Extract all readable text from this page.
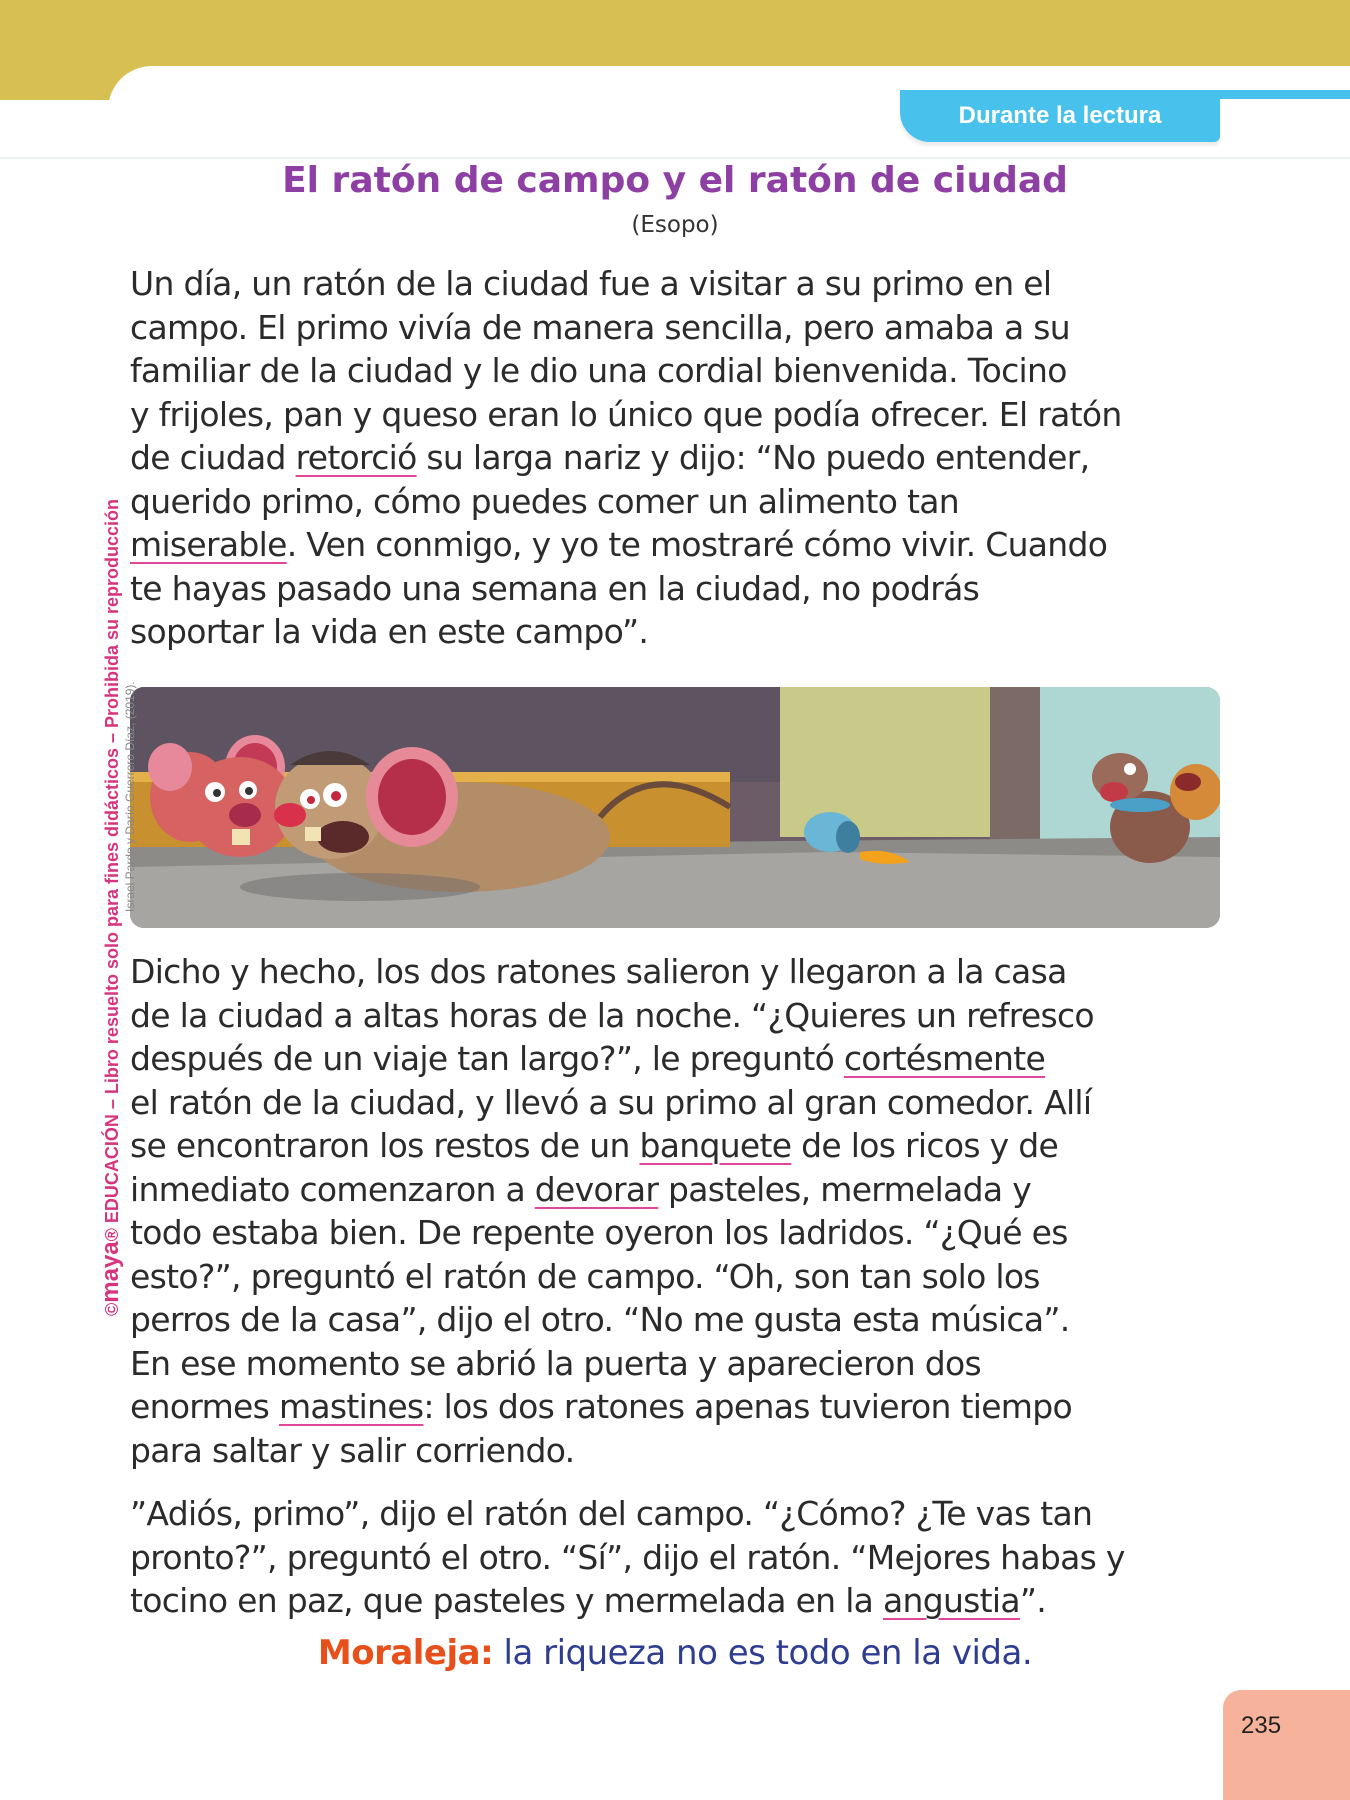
Durante la lectura
El ratón de campo y el ratón de ciudad
(Esopo)
Un día, un ratón de la ciudad fue a visitar a su primo en el
campo. El primo vivía de manera sencilla, pero amaba a su
familiar de la ciudad y le dio una cordial bienvenida. Tocino
y frijoles, pan y queso eran lo único que podía ofrecer. El ratón
de ciudad retorció su larga nariz y dijo: “No puedo entender,
querido primo, cómo puedes comer un alimento tan
miserable. Ven conmigo, y yo te mostraré cómo vivir. Cuando
te hayas pasado una semana en la ciudad, no podrás
soportar la vida en este campo”.
Dicho y hecho, los dos ratones salieron y llegaron a la casa
de la ciudad a altas horas de la noche. “¿Quieres un refresco
después de un viaje tan largo?”, le preguntó cortésmente
el ratón de la ciudad, y llevó a su primo al gran comedor. Allí
se encontraron los restos de un banquete de los ricos y de
inmediato comenzaron a devorar pasteles, mermelada y
todo estaba bien. De repente oyeron los ladridos. “¿Qué es
esto?”, preguntó el ratón de campo. “Oh, son tan solo los
perros de la casa”, dijo el otro. “No me gusta esta música”.
En ese momento se abrió la puerta y aparecieron dos
enormes mastines: los dos ratones apenas tuvieron tiempo
para saltar y salir corriendo.
”Adiós, primo”, dijo el ratón del campo. “¿Cómo? ¿Te vas tan
pronto?”, preguntó el otro. “Sí”, dijo el ratón. “Mejores habas y
tocino en paz, que pasteles y mermelada en la angustia”.
Moraleja: la riqueza no es todo en la vida.
©maya® EDUCACIÓN – Libro resuelto solo para fines didácticos – Prohibida su reproducción Israel Pardo y Darío Guerrero Díaz, (2019).
235
